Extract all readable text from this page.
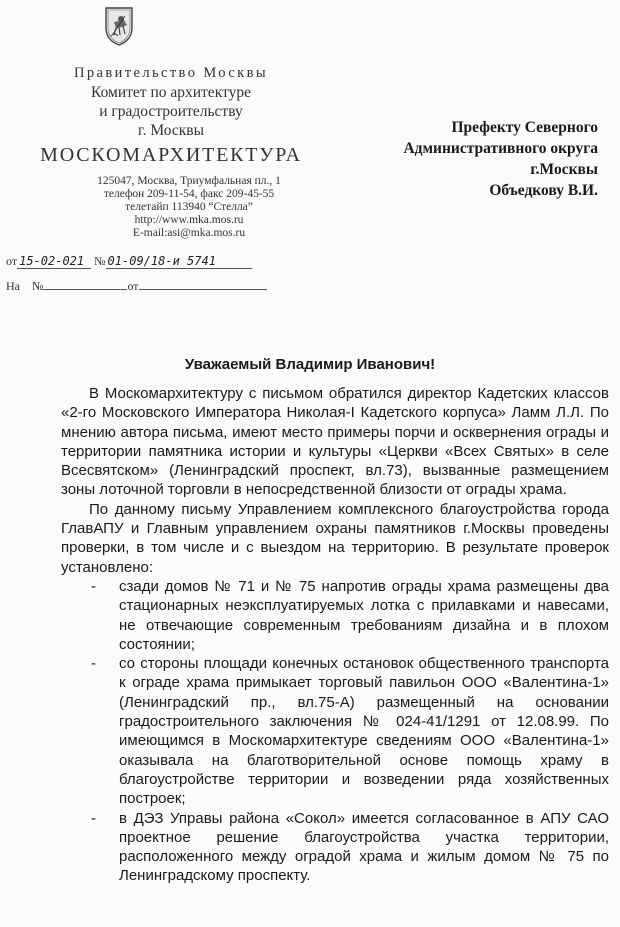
Правительство Москвы
Комитет по архитектуре
и градостроительству
г. Москвы
МОСКОМАРХИТЕКТУРА
125047, Москва, Триумфальная пл., 1
телефон 209-11-54, факс 209-45-55
телетайп 113940 “Стелла”
http://www.mka.mos.ru
E-mail:asi@mka.mos.ru
от 15-02-021 № 01-09/18-и 5741
На №	от
Префекту Северного
Административного округа
г.Москвы
Объедкову В.И.
Уважаемый Владимир Иванович!

В Москомархитектуру с письмом обратился директор Кадетских классов «2-го Московского Императора Николая-I Кадетского корпуса» Ламм Л.Л. По мнению автора письма, имеют место примеры порчи и осквернения ограды и территории памятника истории и культуры «Церкви «Всех Святых» в селе Всесвятском» (Ленинградский проспект, вл.73), вызванные размещением зоны лоточной торговли в непосредственной близости от ограды храма.

По данному письму Управлением комплексного благоустройства города ГлавАПУ и Главным управлением охраны памятников г.Москвы проведены проверки, в том числе и с выездом на территорию. В результате проверок установлено:

- сзади домов № 71 и № 75 напротив ограды храма размещены два стационарных неэксплуатируемых лотка с прилавками и навесами, не отвечающие современным требованиям дизайна и в плохом состоянии;
- со стороны площади конечных остановок общественного транспорта к ограде храма примыкает торговый павильон ООО «Валентина-1» (Ленинградский пр., вл.75-А) размещенный на основании градостроительного заключения № 024-41/1291 от 12.08.99. По имеющимся в Москомархитектуре сведениям ООО «Валентина-1» оказывала на благотворительной основе помощь храму в благоустройстве территории и возведении ряда хозяйственных построек;
- в ДЭЗ Управы района «Сокол» имеется согласованное в АПУ САО проектное решение благоустройства участка территории, расположенного между оградой храма и жилым домом № 75 по Ленинградскому проспекту.
